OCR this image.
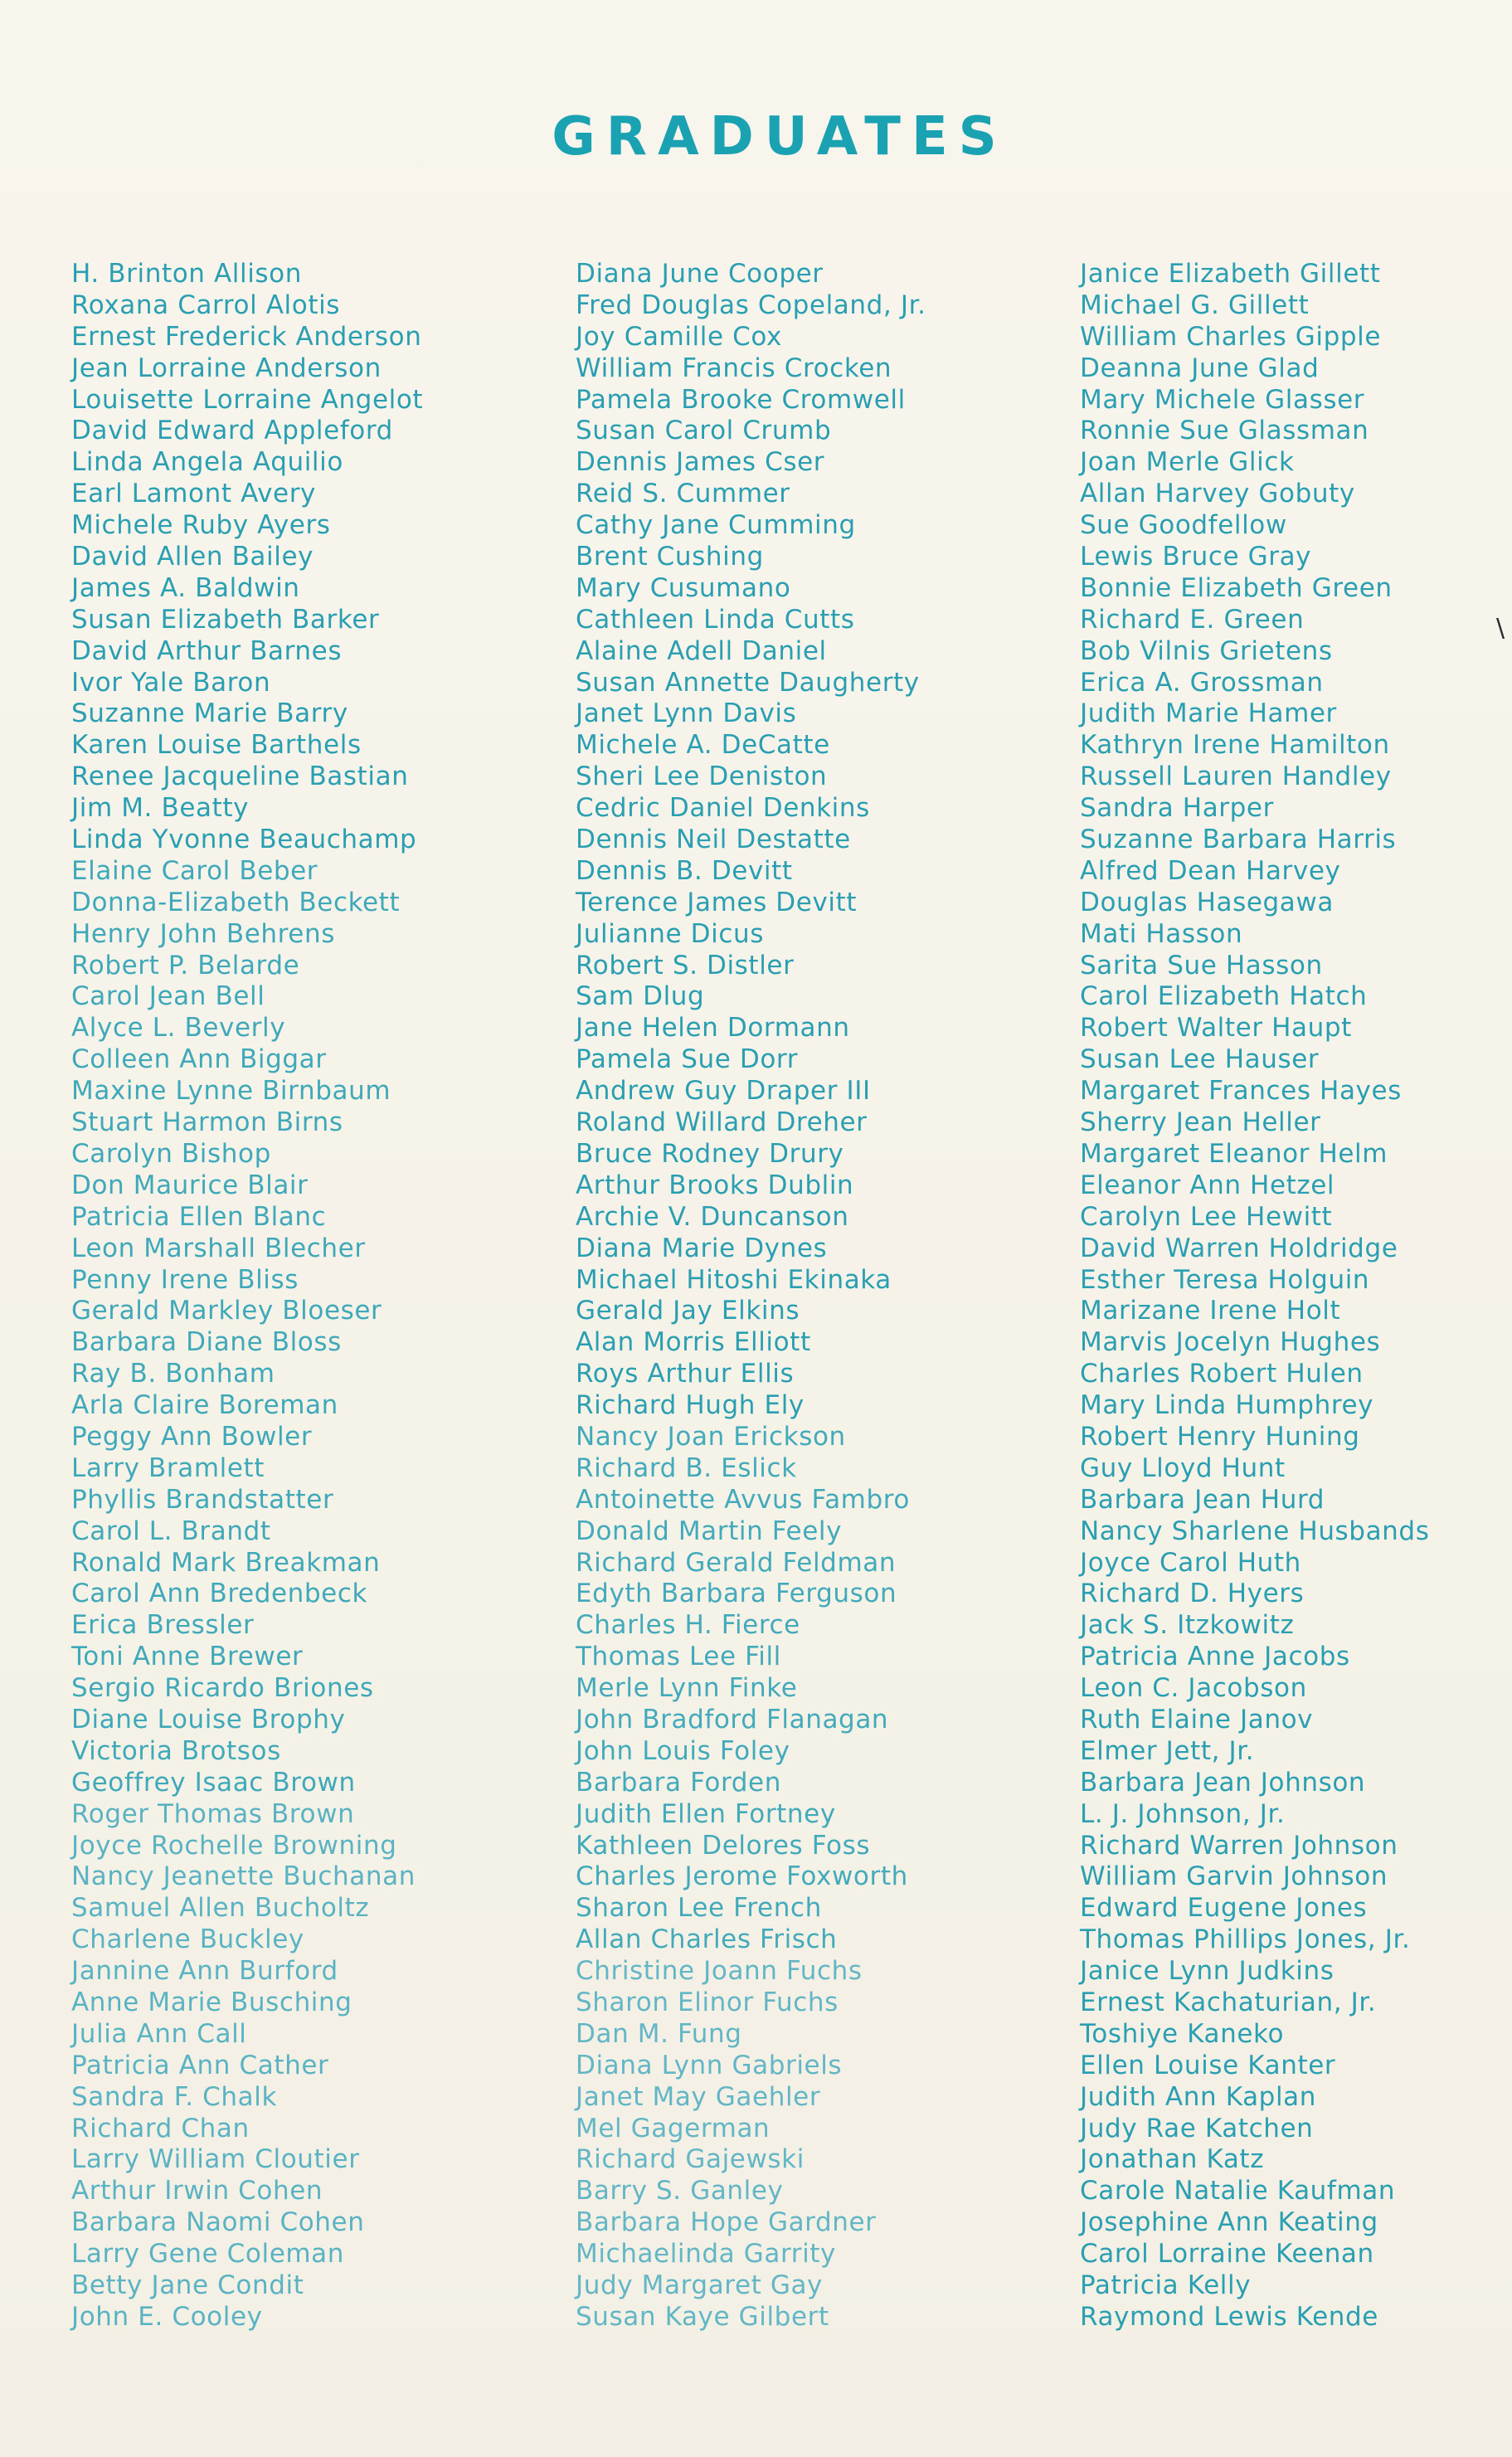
GRADUATES
H. Brinton Allison
Roxana Carrol Alotis
Ernest Frederick Anderson
Jean Lorraine Anderson
Louisette Lorraine Angelot
David Edward Appleford
Linda Angela Aquilio
Earl Lamont Avery
Michele Ruby Ayers
David Allen Bailey
James A. Baldwin
Susan Elizabeth Barker
David Arthur Barnes
Ivor Yale Baron
Suzanne Marie Barry
Karen Louise Barthels
Renee Jacqueline Bastian
Jim M. Beatty
Linda Yvonne Beauchamp
Elaine Carol Beber
Donna-Elizabeth Beckett
Henry John Behrens
Robert P. Belarde
Carol Jean Bell
Alyce L. Beverly
Colleen Ann Biggar
Maxine Lynne Birnbaum
Stuart Harmon Birns
Carolyn Bishop
Don Maurice Blair
Patricia Ellen Blanc
Leon Marshall Blecher
Penny Irene Bliss
Gerald Markley Bloeser
Barbara Diane Bloss
Ray B. Bonham
Arla Claire Boreman
Peggy Ann Bowler
Larry Bramlett
Phyllis Brandstatter
Carol L. Brandt
Ronald Mark Breakman
Carol Ann Bredenbeck
Erica Bressler
Toni Anne Brewer
Sergio Ricardo Briones
Diane Louise Brophy
Victoria Brotsos
Geoffrey Isaac Brown
Roger Thomas Brown
Joyce Rochelle Browning
Nancy Jeanette Buchanan
Samuel Allen Bucholtz
Charlene Buckley
Jannine Ann Burford
Anne Marie Busching
Julia Ann Call
Patricia Ann Cather
Sandra F. Chalk
Richard Chan
Larry William Cloutier
Arthur Irwin Cohen
Barbara Naomi Cohen
Larry Gene Coleman
Betty Jane Condit
John E. Cooley
Diana June Cooper
Fred Douglas Copeland, Jr.
Joy Camille Cox
William Francis Crocken
Pamela Brooke Cromwell
Susan Carol Crumb
Dennis James Cser
Reid S. Cummer
Cathy Jane Cumming
Brent Cushing
Mary Cusumano
Cathleen Linda Cutts
Alaine Adell Daniel
Susan Annette Daugherty
Janet Lynn Davis
Michele A. DeCatte
Sheri Lee Deniston
Cedric Daniel Denkins
Dennis Neil Destatte
Dennis B. Devitt
Terence James Devitt
Julianne Dicus
Robert S. Distler
Sam Dlug
Jane Helen Dormann
Pamela Sue Dorr
Andrew Guy Draper III
Roland Willard Dreher
Bruce Rodney Drury
Arthur Brooks Dublin
Archie V. Duncanson
Diana Marie Dynes
Michael Hitoshi Ekinaka
Gerald Jay Elkins
Alan Morris Elliott
Roys Arthur Ellis
Richard Hugh Ely
Nancy Joan Erickson
Richard B. Eslick
Antoinette Avvus Fambro
Donald Martin Feely
Richard Gerald Feldman
Edyth Barbara Ferguson
Charles H. Fierce
Thomas Lee Fill
Merle Lynn Finke
John Bradford Flanagan
John Louis Foley
Barbara Forden
Judith Ellen Fortney
Kathleen Delores Foss
Charles Jerome Foxworth
Sharon Lee French
Allan Charles Frisch
Christine Joann Fuchs
Sharon Elinor Fuchs
Dan M. Fung
Diana Lynn Gabriels
Janet May Gaehler
Mel Gagerman
Richard Gajewski
Barry S. Ganley
Barbara Hope Gardner
Michaelinda Garrity
Judy Margaret Gay
Susan Kaye Gilbert
Janice Elizabeth Gillett
Michael G. Gillett
William Charles Gipple
Deanna June Glad
Mary Michele Glasser
Ronnie Sue Glassman
Joan Merle Glick
Allan Harvey Gobuty
Sue Goodfellow
Lewis Bruce Gray
Bonnie Elizabeth Green
Richard E. Green
Bob Vilnis Grietens
Erica A. Grossman
Judith Marie Hamer
Kathryn Irene Hamilton
Russell Lauren Handley
Sandra Harper
Suzanne Barbara Harris
Alfred Dean Harvey
Douglas Hasegawa
Mati Hasson
Sarita Sue Hasson
Carol Elizabeth Hatch
Robert Walter Haupt
Susan Lee Hauser
Margaret Frances Hayes
Sherry Jean Heller
Margaret Eleanor Helm
Eleanor Ann Hetzel
Carolyn Lee Hewitt
David Warren Holdridge
Esther Teresa Holguin
Marizane Irene Holt
Marvis Jocelyn Hughes
Charles Robert Hulen
Mary Linda Humphrey
Robert Henry Huning
Guy Lloyd Hunt
Barbara Jean Hurd
Nancy Sharlene Husbands
Joyce Carol Huth
Richard D. Hyers
Jack S. Itzkowitz
Patricia Anne Jacobs
Leon C. Jacobson
Ruth Elaine Janov
Elmer Jett, Jr.
Barbara Jean Johnson
L. J. Johnson, Jr.
Richard Warren Johnson
William Garvin Johnson
Edward Eugene Jones
Thomas Phillips Jones, Jr.
Janice Lynn Judkins
Ernest Kachaturian, Jr.
Toshiye Kaneko
Ellen Louise Kanter
Judith Ann Kaplan
Judy Rae Katchen
Jonathan Katz
Carole Natalie Kaufman
Josephine Ann Keating
Carol Lorraine Keenan
Patricia Kelly
Raymond Lewis Kende
\
